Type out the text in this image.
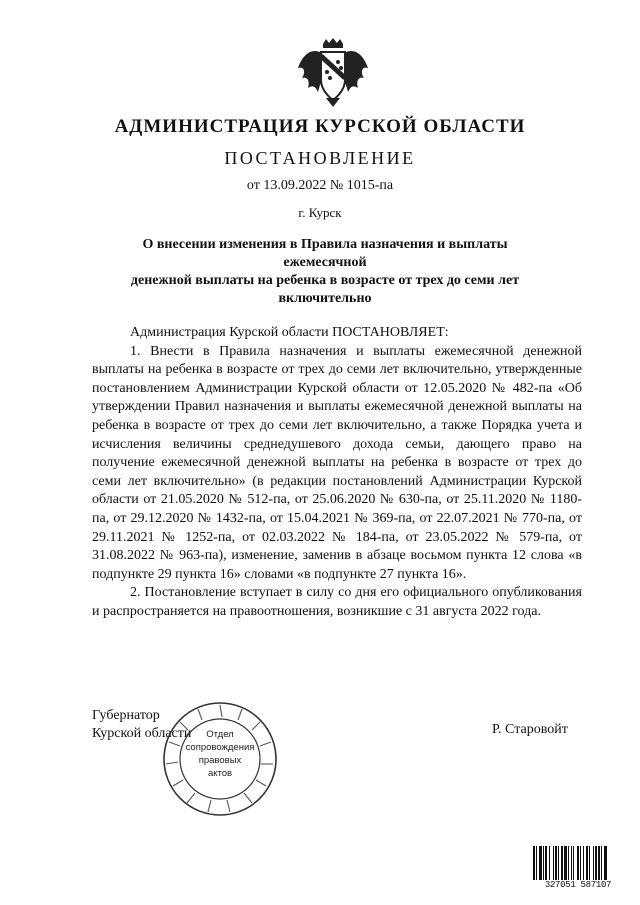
АДМИНИСТРАЦИЯ КУРСКОЙ ОБЛАСТИ
ПОСТАНОВЛЕНИЕ
от 13.09.2022 № 1015-па
г. Курск
О внесении изменения в Правила назначения и выплаты ежемесячной
денежной выплаты на ребенка в возрасте от трех до семи лет
включительно

Администрация Курской области ПОСТАНОВЛЯЕТ:

1. Внести в Правила назначения и выплаты ежемесячной денежной выплаты на ребенка в возрасте от трех до семи лет включительно, утвержденные постановлением Администрации Курской области от 12.05.2020 № 482-па «Об утверждении Правил назначения и выплаты ежемесячной денежной выплаты на ребенка в возрасте от трех до семи лет включительно, а также Порядка учета и исчисления величины среднедушевого дохода семьи, дающего право на получение ежемесячной денежной выплаты на ребенка в возрасте от трех до семи лет включительно» (в редакции постановлений Администрации Курской области от 21.05.2020 № 512-па, от 25.06.2020 № 630-па, от 25.11.2020 № 1180-па, от 29.12.2020 № 1432-па, от 15.04.2021 № 369-па, от 22.07.2021 № 770-па, от 29.11.2021 № 1252-па, от 02.03.2022 № 184-па, от 23.05.2022 № 579-па, от 31.08.2022 № 963-па), изменение, заменив в абзаце восьмом пункта 12 слова «в подпункте 29 пункта 16» словами «в подпункте 27 пункта 16».

2. Постановление вступает в силу со дня его официального опубликования и распространяется на правоотношения, возникшие с 31 августа 2022 года.

Губернатор
Курской области	Р. Старовойт
Отдел
сопровождения
правовых
актов
327051 587107
